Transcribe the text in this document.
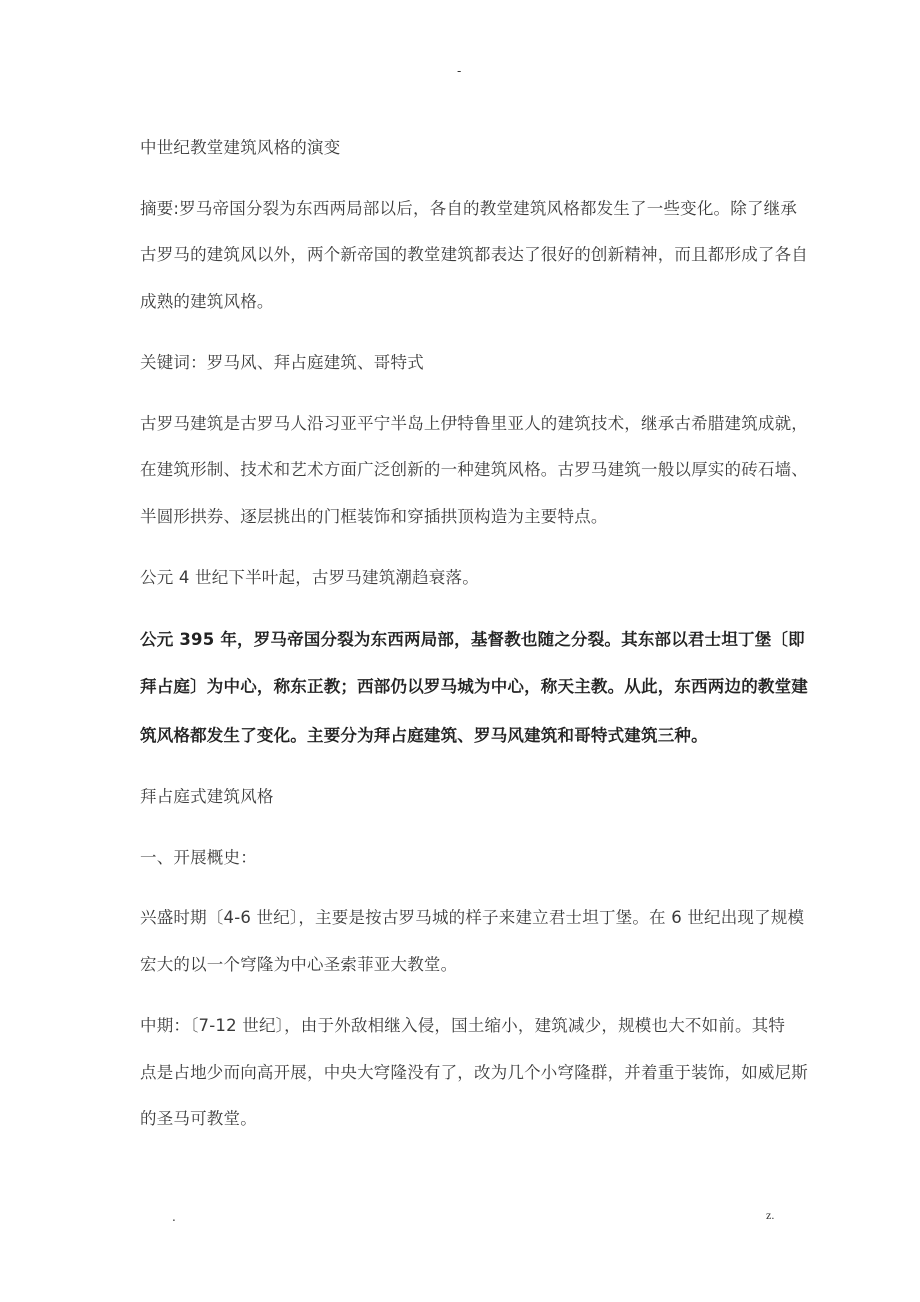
-
中世纪教堂建筑风格的演变
摘要:罗马帝国分裂为东西两局部以后，各自的教堂建筑风格都发生了一些变化。除了继承
古罗马的建筑风以外，两个新帝国的教堂建筑都表达了很好的创新精神，而且都形成了各自
成熟的建筑风格。
关键词：罗马风、拜占庭建筑、哥特式
古罗马建筑是古罗马人沿习亚平宁半岛上伊特鲁里亚人的建筑技术，继承古希腊建筑成就，
在建筑形制、技术和艺术方面广泛创新的一种建筑风格。古罗马建筑一般以厚实的砖石墙、
半圆形拱券、逐层挑出的门框装饰和穿插拱顶构造为主要特点。
公元 4 世纪下半叶起，古罗马建筑潮趋衰落。
公元 395 年，罗马帝国分裂为东西两局部，基督教也随之分裂。其东部以君士坦丁堡〔即
拜占庭〕为中心，称东正教；西部仍以罗马城为中心，称天主教。从此，东西两边的教堂建
筑风格都发生了变化。主要分为拜占庭建筑、罗马风建筑和哥特式建筑三种。
拜占庭式建筑风格
一、开展概史：
兴盛时期〔4-6 世纪〕，主要是按古罗马城的样子来建立君士坦丁堡。在 6 世纪出现了规模
宏大的以一个穹隆为中心圣索菲亚大教堂。
中期：〔7-12 世纪〕，由于外敌相继入侵，国土缩小，建筑减少，规模也大不如前。其特
点是占地少而向高开展，中央大穹隆没有了，改为几个小穹隆群，并着重于装饰，如威尼斯
的圣马可教堂。
.	z.
